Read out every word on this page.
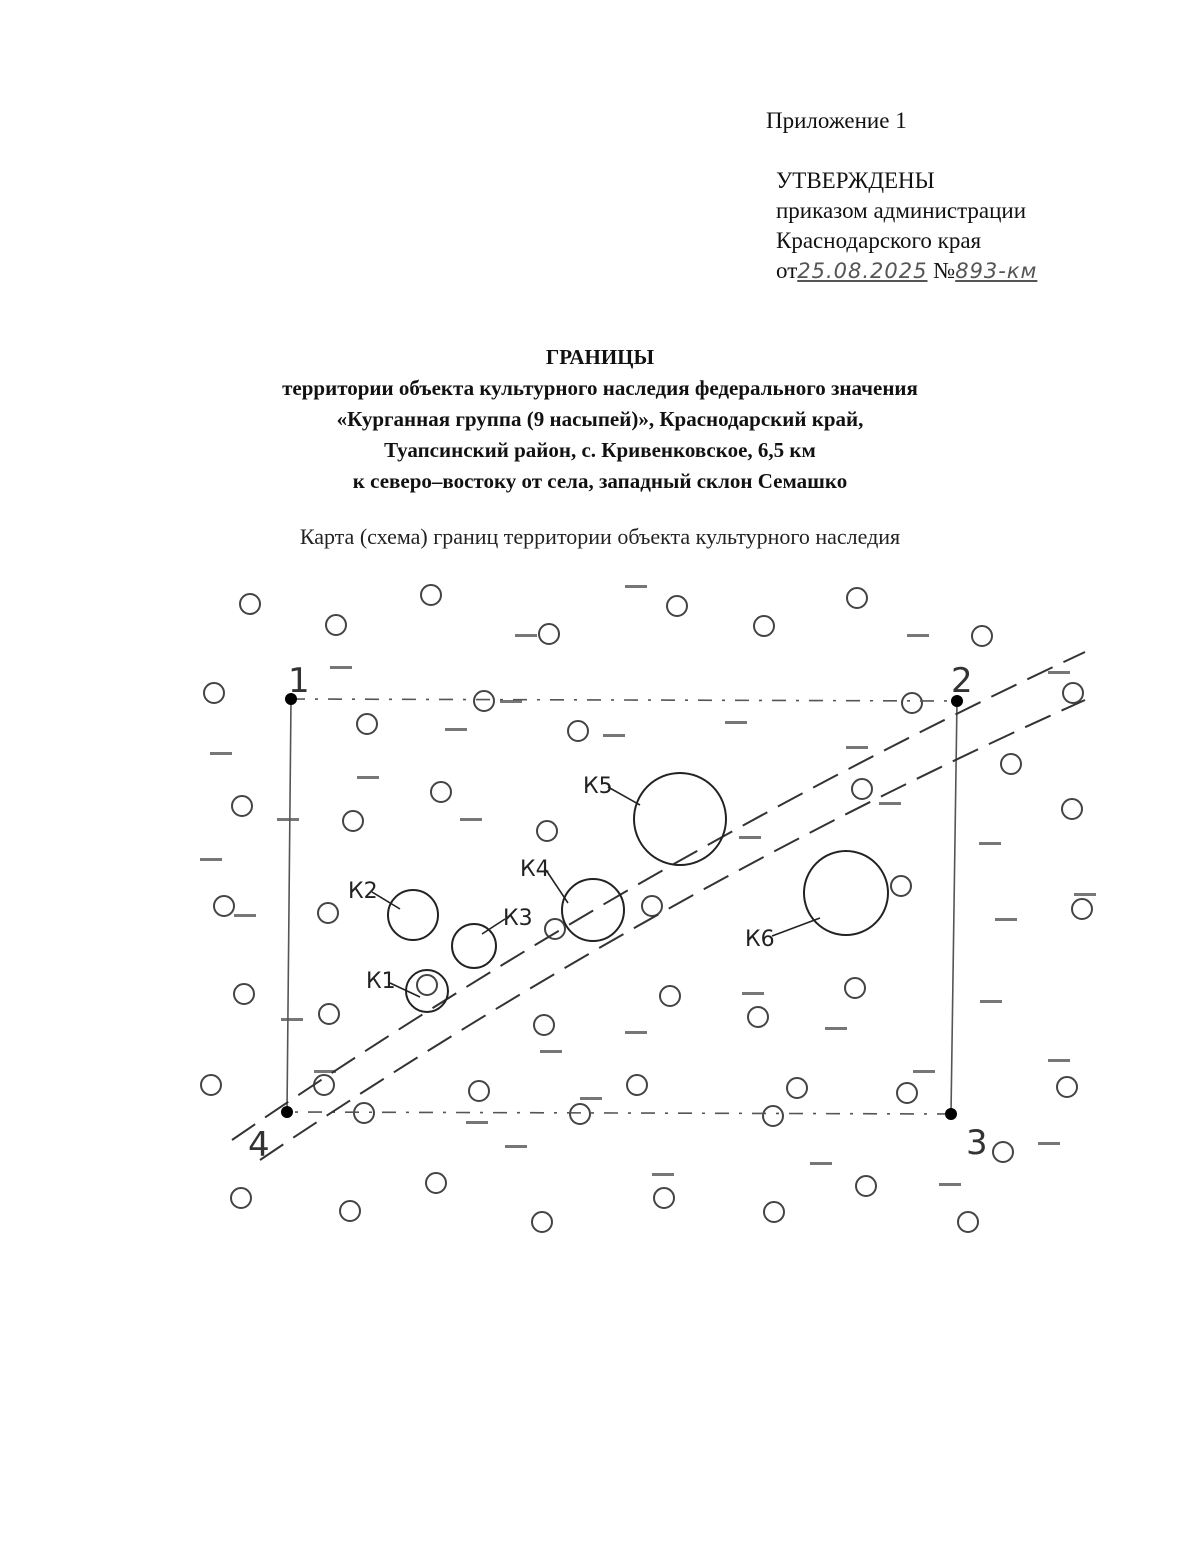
Приложение 1
УТВЕРЖДЕНЫ
приказом администрации
Краснодарского края
от25.08.2025 №893-км
ГРАНИЦЫ
территории объекта культурного наследия федерального значения
«Курганная группа (9 насыпей)», Краснодарский край,
Туапсинский район, с. Кривенковское, 6,5 км
к северо–востоку от села, западный склон Семашко
Карта (схема) границ территории объекта культурного наследия
1	2
3
4
К1
К2
К3
К4
К5
К6
